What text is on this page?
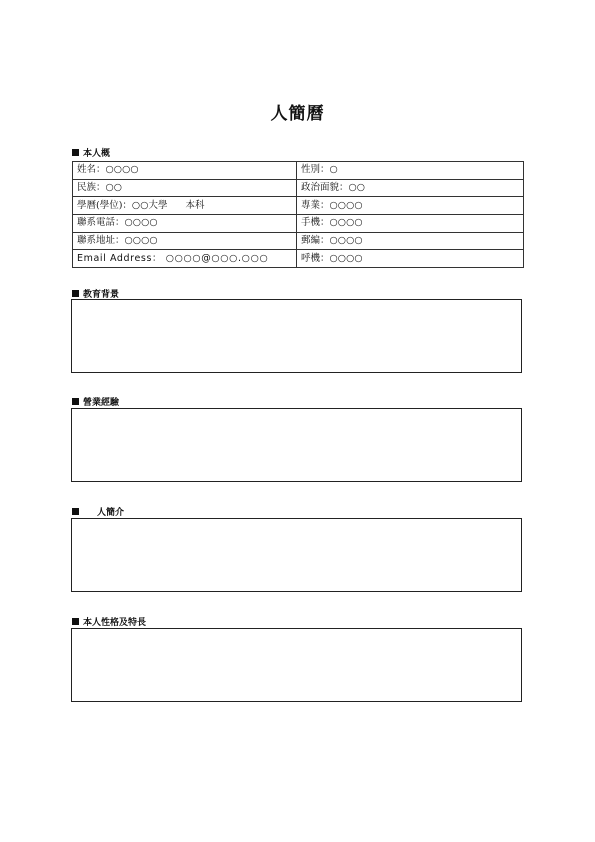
人簡曆
本人概
姓名：○○○○	性別：○
民族：○○	政治面貌：○○
學曆(學位)：○○大學 本科	專業：○○○○
聯系電話：○○○○	手機：○○○○
聯系地址：○○○○	郵編：○○○○
Email Address： ○○○○@○○○.○○○	呼機：○○○○
教育背景
營業經驗
人簡介
本人性格及特長
